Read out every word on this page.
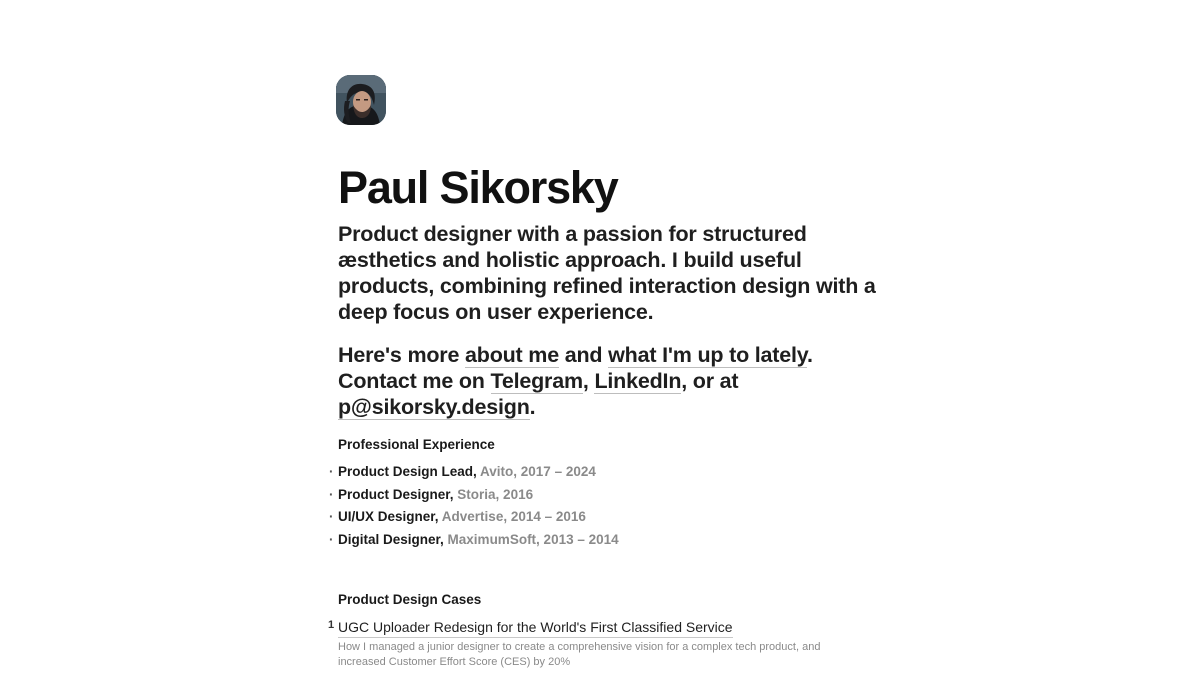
Paul Sikorsky

Product designer with a passion for structured æsthetics and holistic approach. I build useful products, combining refined interaction design with a deep focus on user experience.

Here's more about me and what I'm up to lately. Contact me on Telegram, LinkedIn, or at p@sikorsky.design.

Professional Experience
· Product Design Lead, Avito, 2017 – 2024
· Product Designer, Storia, 2016
· UI/UX Designer, Advertise, 2014 – 2016
· Digital Designer, MaximumSoft, 2013 – 2014
Product Design Cases
1 UGC Uploader Redesign for the World's First Classified Service

How I managed a junior designer to create a comprehensive vision for a complex tech product, and increased Customer Effort Score (CES) by 20%
